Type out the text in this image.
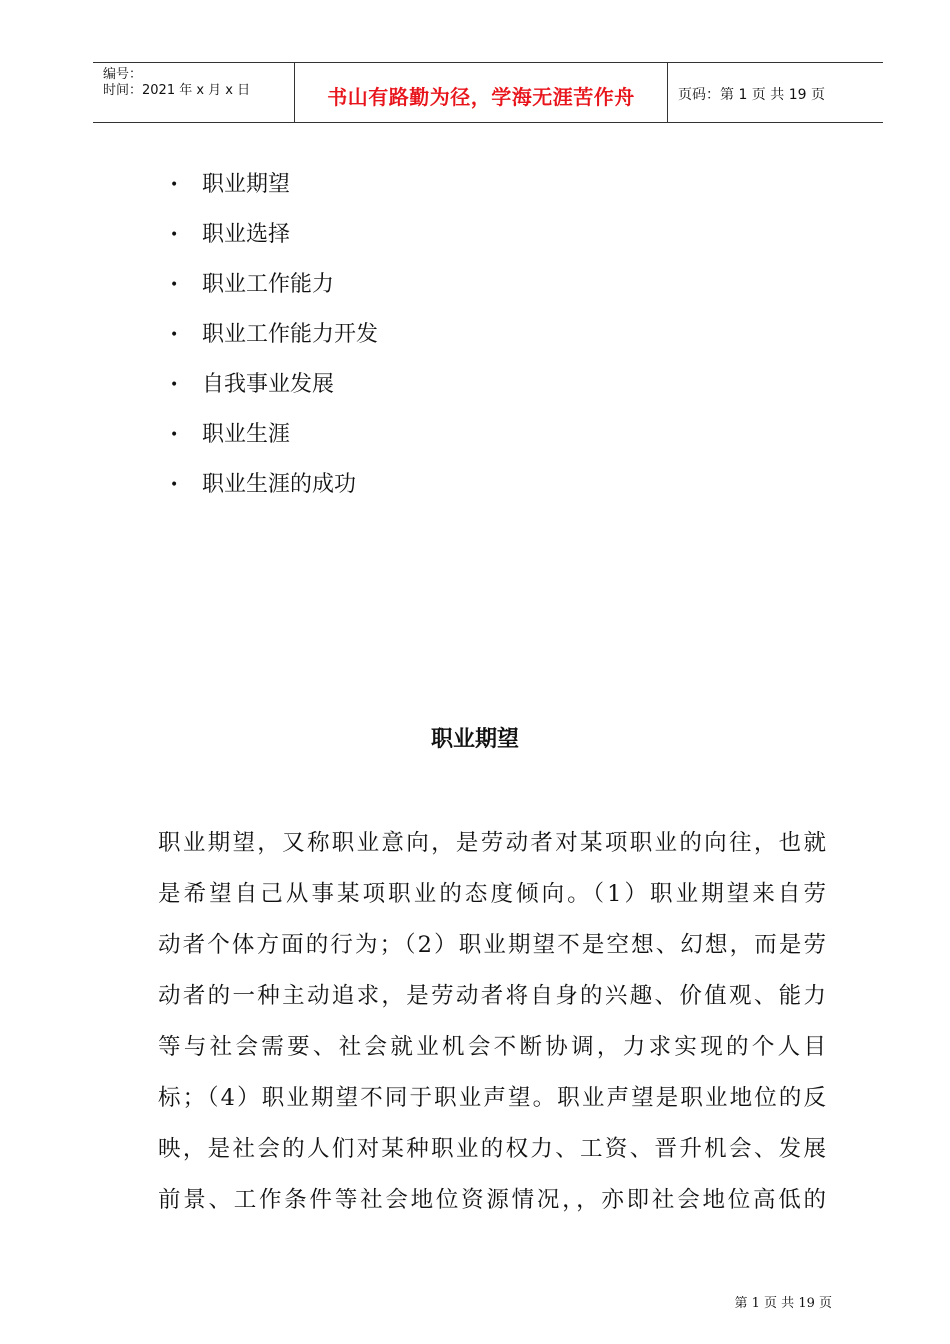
编号：
时间：2021 年 x 月 x 日	书山有路勤为径，学海无涯苦作舟	页码：第 1 页 共 19 页
•	职业期望
•	职业选择
•	职业工作能力
•	职业工作能力开发
•	自我事业发展
•	职业生涯
•	职业生涯的成功
职业期望
职业期望，又称职业意向，是劳动者对某项职业的向往，也就
是希望自己从事某项职业的态度倾向。（1）职业期望来自劳
动者个体方面的行为；（2）职业期望不是空想、幻想，而是劳
动者的一种主动追求，是劳动者将自身的兴趣、价值观、能力
等与社会需要、社会就业机会不断协调，力求实现的个人目
标；（4）职业期望不同于职业声望。职业声望是职业地位的反
映，是社会的人们对某种职业的权力、工资、晋升机会、发展
前景、工作条件等社会地位资源情况，，亦即社会地位高低的
第 1 页 共 19 页
